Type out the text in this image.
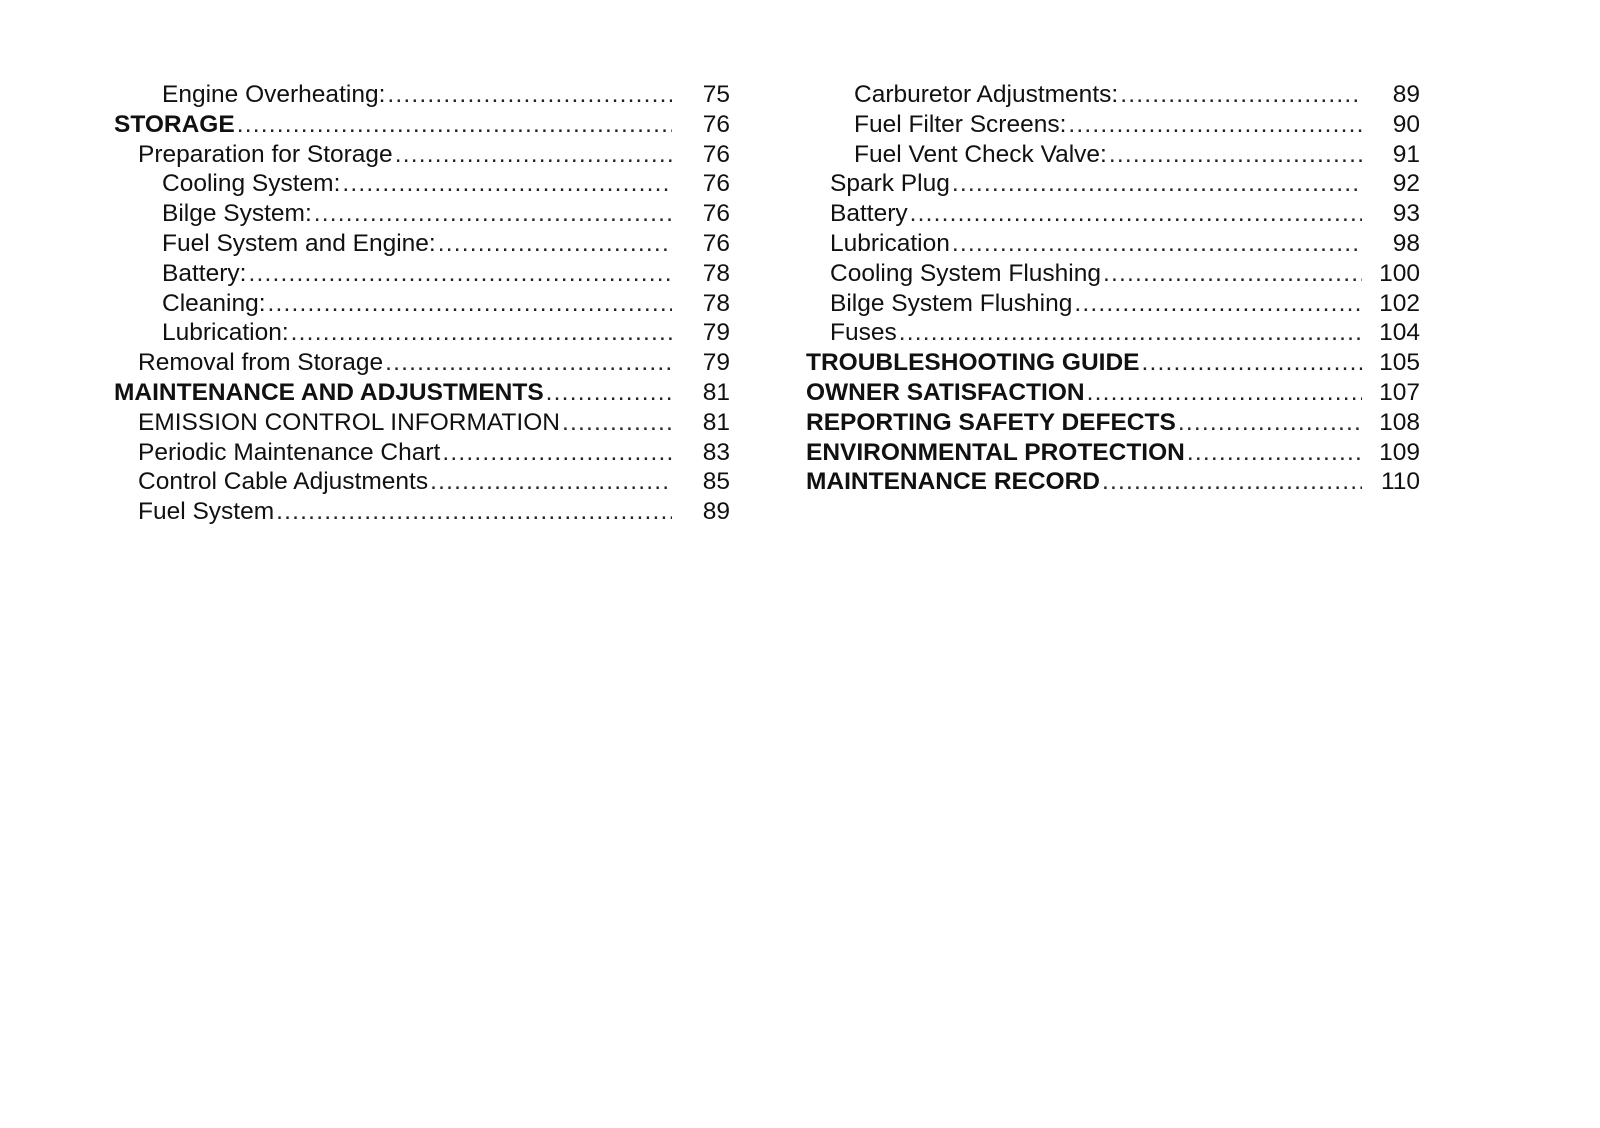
Engine Overheating: .....	75
STORAGE .....	76
Preparation for Storage .....	76
Cooling System: .....	76
Bilge System: .....	76
Fuel System and Engine: .....	76
Battery: .....	78
Cleaning: .....	78
Lubrication: .....	79
Removal from Storage .....	79
MAINTENANCE AND ADJUSTMENTS .....	81
EMISSION CONTROL INFORMATION .....	81
Periodic Maintenance Chart .....	83
Control Cable Adjustments .....	85
Fuel System .....	89
Carburetor Adjustments: .....	89
Fuel Filter Screens: .....	90
Fuel Vent Check Valve: .....	91
Spark Plug .....	92
Battery .....	93
Lubrication .....	98
Cooling System Flushing .....	100
Bilge System Flushing .....	102
Fuses .....	104
TROUBLESHOOTING GUIDE .....	105
OWNER SATISFACTION .....	107
REPORTING SAFETY DEFECTS .....	108
ENVIRONMENTAL PROTECTION .....	109
MAINTENANCE RECORD .....	110
